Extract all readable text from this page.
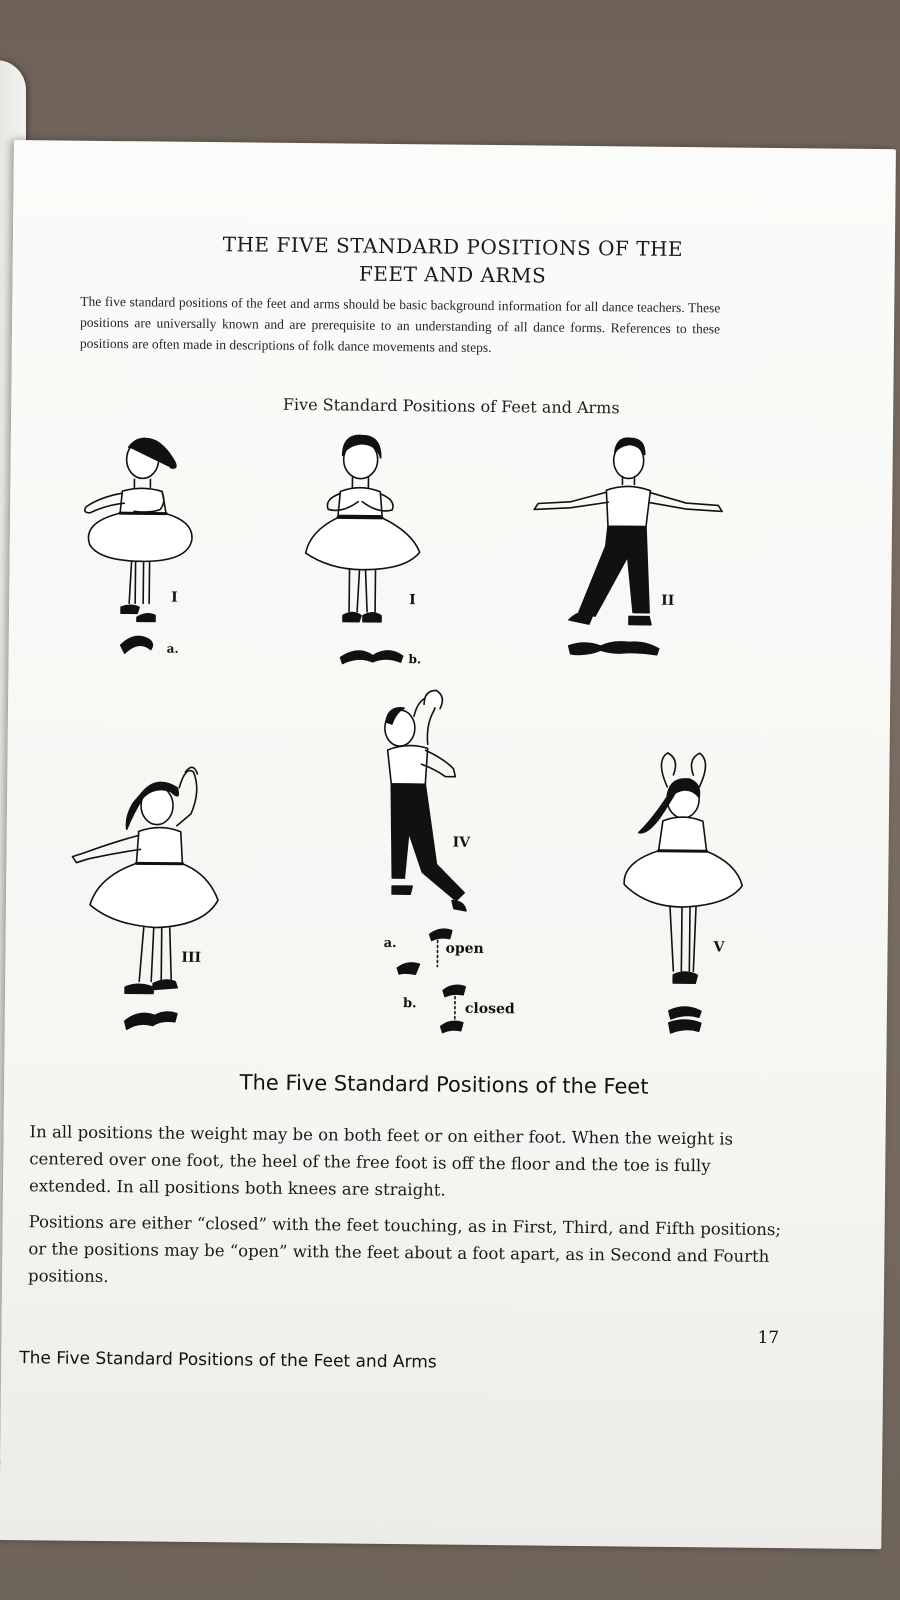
THE FIVE STANDARD POSITIONS OF THE
FEET AND ARMS

The five standard positions of the feet and arms should be basic background information for all dance teachers. These positions are universally known and are prerequisite to an understanding of all dance forms. References to these positions are often made in descriptions of folk dance movements and steps.

Five Standard Positions of Feet and Arms
I
a.
I
b.
II
III
IV
a.	open
b.	closed
V
The Five Standard Positions of the Feet

In all positions the weight may be on both feet or on either foot. When the weight is centered over one foot, the heel of the free foot is off the floor and the toe is fully extended. In all positions both knees are straight.

Positions are either “closed” with the feet touching, as in First, Third, and Fifth positions; or the positions may be “open” with the feet about a foot apart, as in Second and Fourth positions.

17
The Five Standard Positions of the Feet and Arms
